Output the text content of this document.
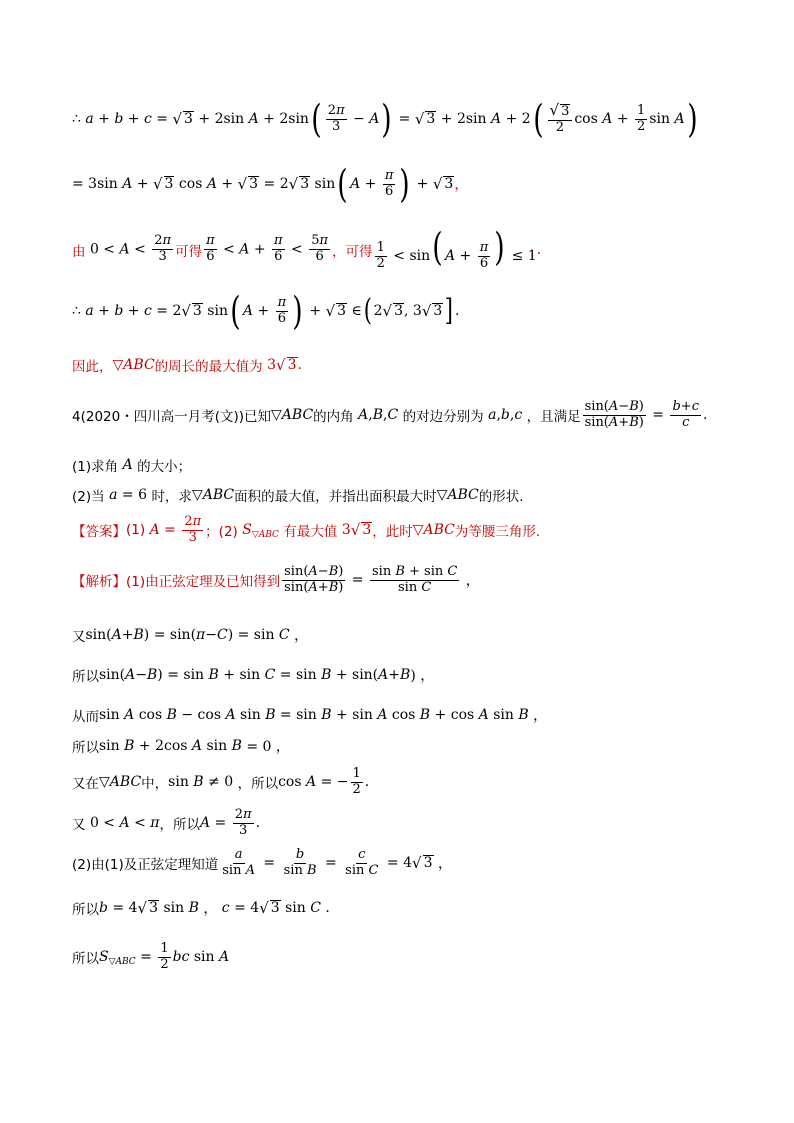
∴ a + b + c = √ 3 + 2sin A + 2sin ( $\frac{2\pi}{3} - A$ ) = √ 3 + 2sin A + 2 ( $\frac{√ 3}{2}$ $\cos A + \frac{1}{2}$ sin A )
= 3sin A + √ 3 cos A + √ 3 = 2 √ 3 sin ( $A + \frac{\pi}{6}$ ) + √ 3 ，
由 $0 < A < \frac{2\pi}{3}$ 可得 $\frac{\pi}{6} < A + \frac{\pi}{6} < \frac{5\pi}{6}$ ，可得 $\frac{1}{2} < \sin$( $A + \frac{\pi}{6}$ ) ≤ 1 .
∴ a + b + c = 2 √ 3 sin ( $A + \frac{\pi}{6}$ ) + √ 3 ∈ ( 2 √ 3 , 3 √ 3 ] .
因此， ▽ ABC 的周长的最大值为 3 √ 3 .
4(2020・四川高一月考(文))已知 ▽ ABC 的内角
A , B , C
的对边分别为
a , b , c
，且满足 $\frac{\sin(A-B)}{\sin(A+B)} = \frac{b+c}{c}$ .
(1)求角
A
的大小；
(2)当
a = 6 时，求 ▽ ABC 面积的最大值，并指出面积最大时 ▽ ABC 的形状.
【答案】 (1)
$A = \frac{2\pi}{3}$ ；(2)
S ▽ABC
有最大值 3 √ 3 ，此时 ▽ ABC 为等腰三角形.
【解析】 (1)由正弦定理及已知得到 $\frac{\sin(A-B)}{\sin(A+B)} = \frac{\text{sin B + sin C}}{\text{sin C}}$ ，
又 sin( A + B ) = sin( π − C ) = sin C ，
所以 sin( A − B ) = sin B + sin C = sin B + sin( A + B ) ，
从而 sin A cos B − cos A sin B = sin B + sin A cos B + cos A sin B ，
所以 sin B + 2cos A sin B = 0 ，
又在 ▽ ABC 中， sin B ≠ 0 ，所以 cos A = − $\frac{1}{2}$ .
又 0 < A < π ，所以 $A = \frac{2\pi}{3}$ .
(2)由(1)及正弦定理知道 $\frac{a}{\text{sin A}} = \frac{b}{\text{sin B}} = \frac{c}{\text{sin C}} = 4$ √ 3 ，
所以 b = 4 √ 3 sin B ， c = 4 √ 3 sin C .
所以 S ▽ABC = $\frac{1}{2}$ bc sin A
